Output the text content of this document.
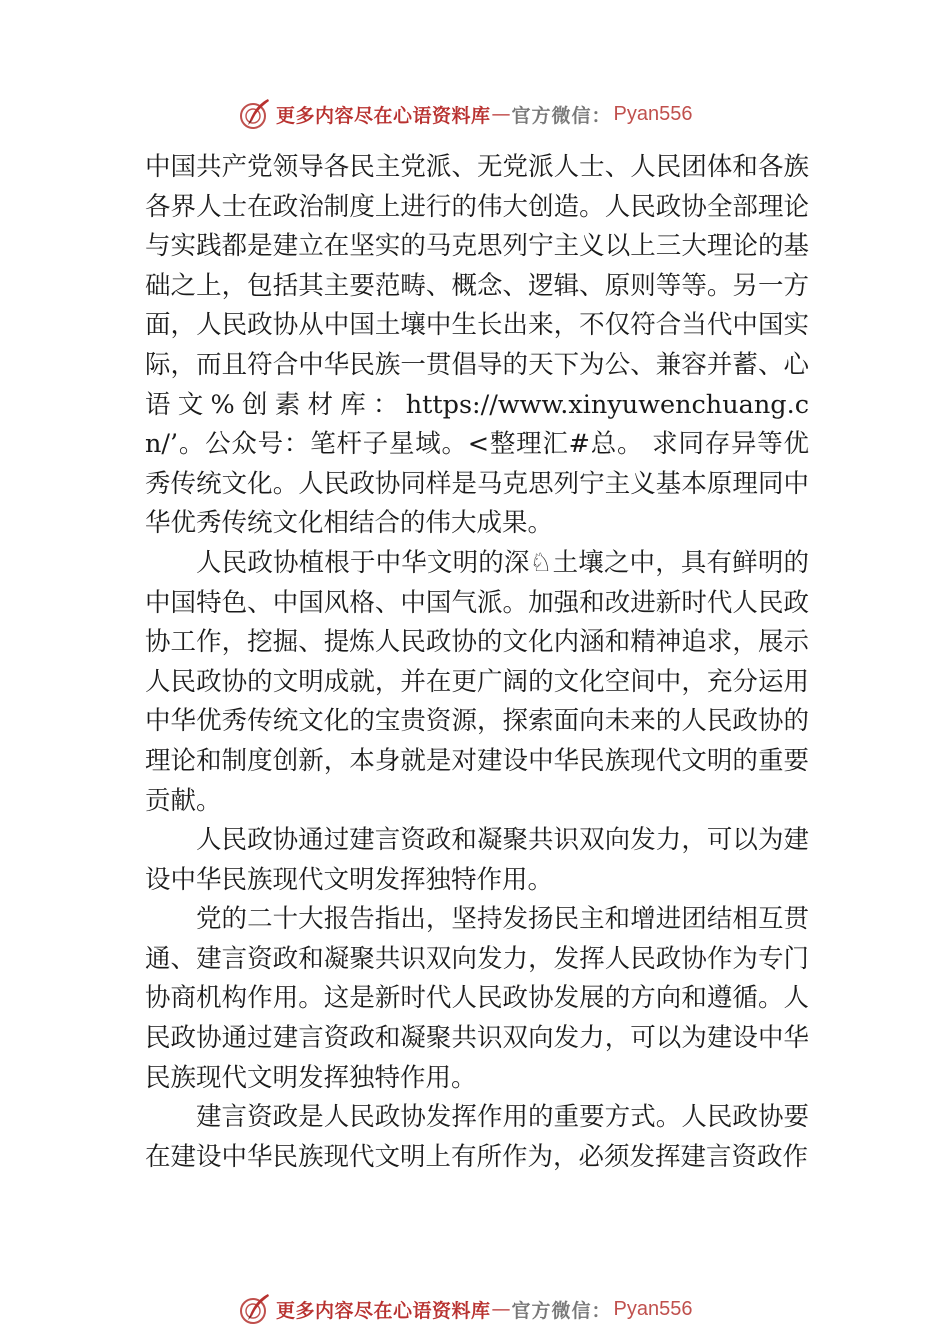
更多内容尽在心语资料库 — 官方微信： Pyan556

中国共产党领导各民主党派、无党派人士、人民团体和各族各界人士在政治制度上进行的伟大创造。人民政协全部理论与实践都是建立在坚实的马克思列宁主义以上三大理论的基础之上，包括其主要范畴、概念、逻辑、原则等等。另一方面，人民政协从中国土壤中生长出来，不仅符合当代中国实际，而且符合中华民族一贯倡导的天下为公、兼容并蓄、心语文%创素材库：https://www.xinyuwenchuang.cn/’。公众号：笔杆子星域。<整理汇#总。 求同存异等优秀传统文化。人民政协同样是马克思列宁主义基本原理同中华优秀传统文化相结合的伟大成果。

人民政协植根于中华文明的深♘土壤之中，具有鲜明的中国特色、中国风格、中国气派。加强和改进新时代人民政协工作，挖掘、提炼人民政协的文化内涵和精神追求，展示人民政协的文明成就，并在更广阔的文化空间中，充分运用中华优秀传统文化的宝贵资源，探索面向未来的人民政协的理论和制度创新，本身就是对建设中华民族现代文明的重要贡献。

人民政协通过建言资政和凝聚共识双向发力，可以为建设中华民族现代文明发挥独特作用。

党的二十大报告指出，坚持发扬民主和增进团结相互贯通、建言资政和凝聚共识双向发力，发挥人民政协作为专门协商机构作用。这是新时代人民政协发展的方向和遵循。人民政协通过建言资政和凝聚共识双向发力，可以为建设中华民族现代文明发挥独特作用。

建言资政是人民政协发挥作用的重要方式。人民政协要在建设中华民族现代文明上有所作为，必须发挥建言资政作

更多内容尽在心语资料库 — 官方微信： Pyan556
